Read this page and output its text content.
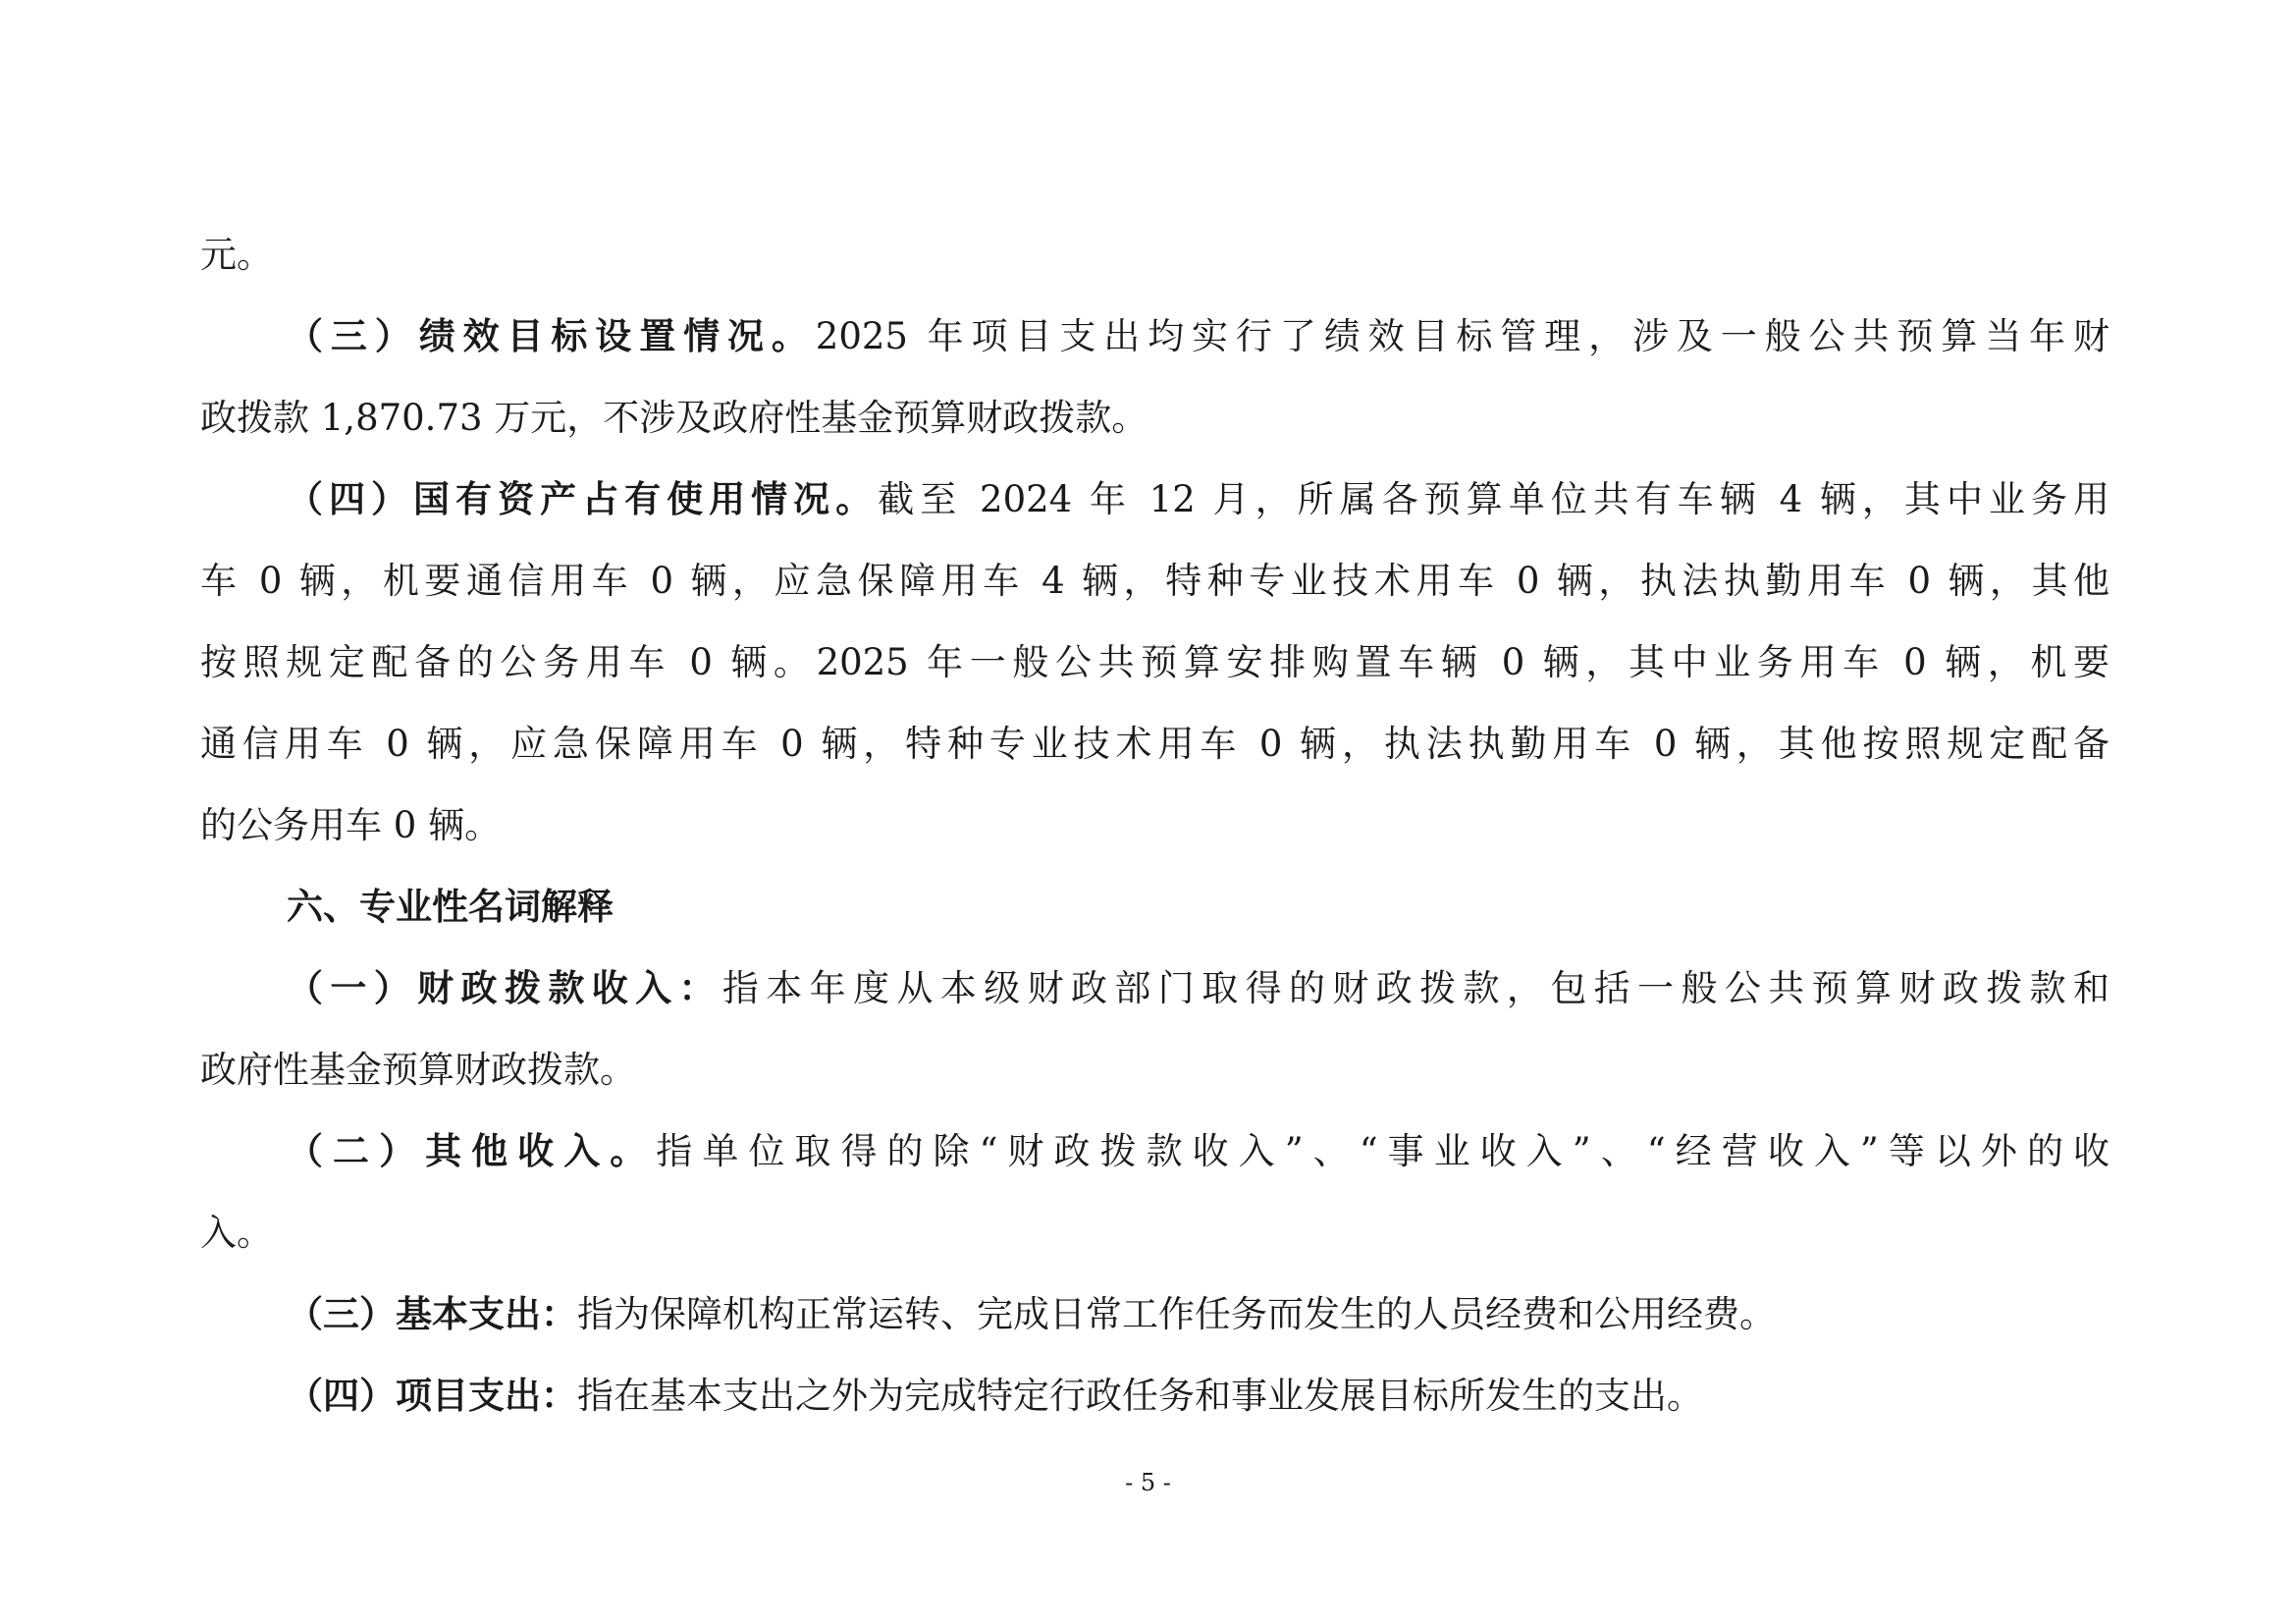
元。
（三）绩效目标设置情况。2025 年项目支出均实行了绩效目标管理，涉及一般公共预算当年财
政拨款 1,870.73 万元，不涉及政府性基金预算财政拨款。
（四）国有资产占有使用情况。截至 2024 年 12 月，所属各预算单位共有车辆 4 辆，其中业务用
车 0 辆，机要通信用车 0 辆，应急保障用车 4 辆，特种专业技术用车 0 辆，执法执勤用车 0 辆，其他
按照规定配备的公务用车 0 辆。2025 年一般公共预算安排购置车辆 0 辆，其中业务用车 0 辆，机要
通信用车 0 辆，应急保障用车 0 辆，特种专业技术用车 0 辆，执法执勤用车 0 辆，其他按照规定配备
的公务用车 0 辆。
六、专业性名词解释
（一）财政拨款收入：指本年度从本级财政部门取得的财政拨款，包括一般公共预算财政拨款和
政府性基金预算财政拨款。
（二）其他收入。指单位取得的除“财政拨款收入”、“事业收入”、“经营收入”等以外的收
入。
（三）基本支出：指为保障机构正常运转、完成日常工作任务而发生的人员经费和公用经费。
（四）项目支出：指在基本支出之外为完成特定行政任务和事业发展目标所发生的支出。
- 5 -
